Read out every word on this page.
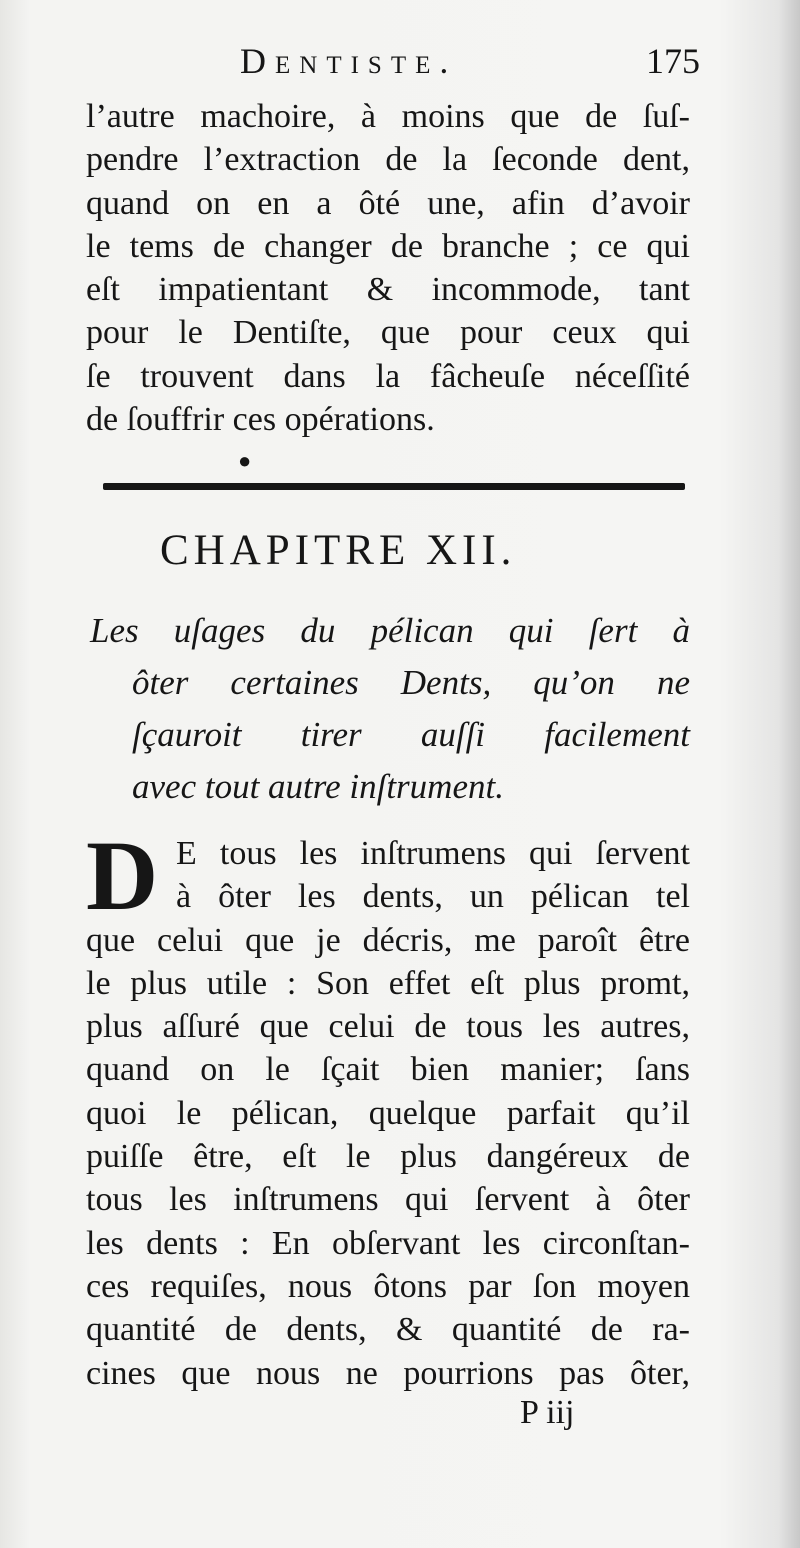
Dentiste.	175
l’autre machoire, à moins que de ſuſ-
pendre l’extraction de la ſeconde dent,
quand on en a ôté une, afin d’avoir
le tems de changer de branche ; ce qui
eſt impatientant & incommode, tant
pour le Dentiſte, que pour ceux qui
ſe trouvent dans la fâcheuſe néceſſité
de ſouffrir ces opérations.
●
CHAPITRE XII.
Les uſages du pélican qui ſert à
ôter certaines Dents, qu’on ne
ſçauroit tirer auſſi facilement
avec tout autre inſtrument.
D E tous les inſtrumens qui ſervent
à ôter les dents, un pélican tel
que celui que je décris, me paroît être
le plus utile : Son effet eſt plus promt,
plus aſſuré que celui de tous les autres,
quand on le ſçait bien manier; ſans
quoi le pélican, quelque parfait qu’il
puiſſe être, eſt le plus dangéreux de
tous les inſtrumens qui ſervent à ôter
les dents : En obſervant les circonſtan-
ces requiſes, nous ôtons par ſon moyen
quantité de dents, & quantité de ra-
cines que nous ne pourrions pas ôter,
P iij
